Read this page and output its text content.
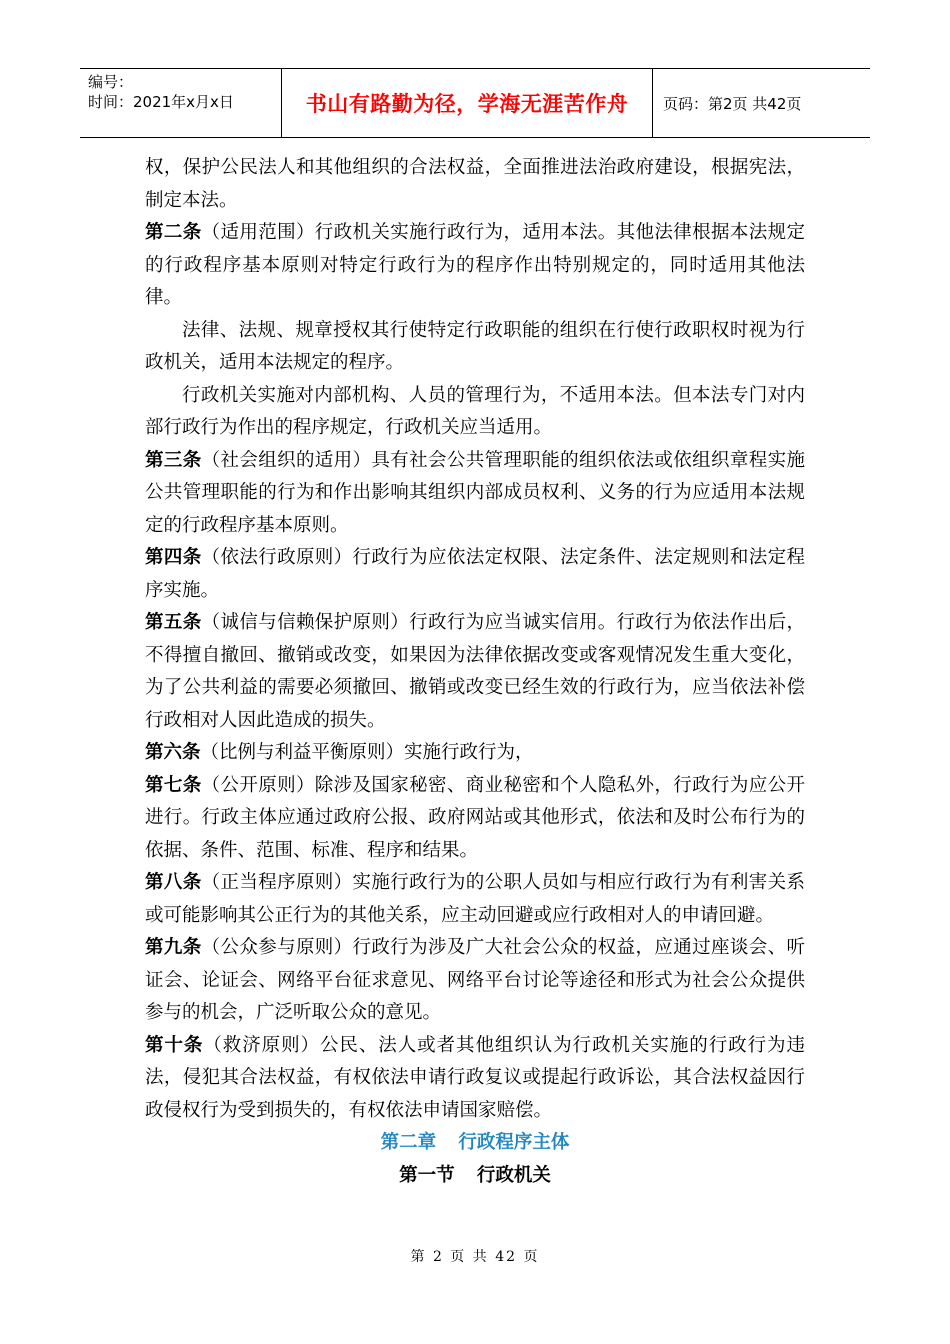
编号：
时间：2021年x月x日	书山有路勤为径，学海无涯苦作舟	页码：第2页 共42页

权，保护公民法人和其他组织的合法权益，全面推进法治政府建设，根据宪法，制定本法。

第二条（适用范围）行政机关实施行政行为，适用本法。其他法律根据本法规定的行政程序基本原则对特定行政行为的程序作出特别规定的，同时适用其他法律。

法律、法规、规章授权其行使特定行政职能的组织在行使行政职权时视为行政机关，适用本法规定的程序。

行政机关实施对内部机构、人员的管理行为，不适用本法。但本法专门对内部行政行为作出的程序规定，行政机关应当适用。

第三条（社会组织的适用）具有社会公共管理职能的组织依法或依组织章程实施公共管理职能的行为和作出影响其组织内部成员权利、义务的行为应适用本法规定的行政程序基本原则。

第四条（依法行政原则）行政行为应依法定权限、法定条件、法定规则和法定程序实施。

第五条（诚信与信赖保护原则）行政行为应当诚实信用。行政行为依法作出后，不得擅自撤回、撤销或改变，如果因为法律依据改变或客观情况发生重大变化，为了公共利益的需要必须撤回、撤销或改变已经生效的行政行为，应当依法补偿行政相对人因此造成的损失。

第六条（比例与利益平衡原则）实施行政行为，

第七条（公开原则）除涉及国家秘密、商业秘密和个人隐私外，行政行为应公开进行。行政主体应通过政府公报、政府网站或其他形式，依法和及时公布行为的依据、条件、范围、标准、程序和结果。

第八条（正当程序原则）实施行政行为的公职人员如与相应行政行为有利害关系或可能影响其公正行为的其他关系，应主动回避或应行政相对人的申请回避。

第九条（公众参与原则）行政行为涉及广大社会公众的权益，应通过座谈会、听证会、论证会、网络平台征求意见、网络平台讨论等途径和形式为社会公众提供参与的机会，广泛听取公众的意见。

第十条（救济原则）公民、法人或者其他组织认为行政机关实施的行政行为违法，侵犯其合法权益，有权依法申请行政复议或提起行政诉讼，其合法权益因行政侵权行为受到损失的，有权依法申请国家赔偿。

第二章 行政程序主体

第一节 行政机关

第 2 页 共 42 页
